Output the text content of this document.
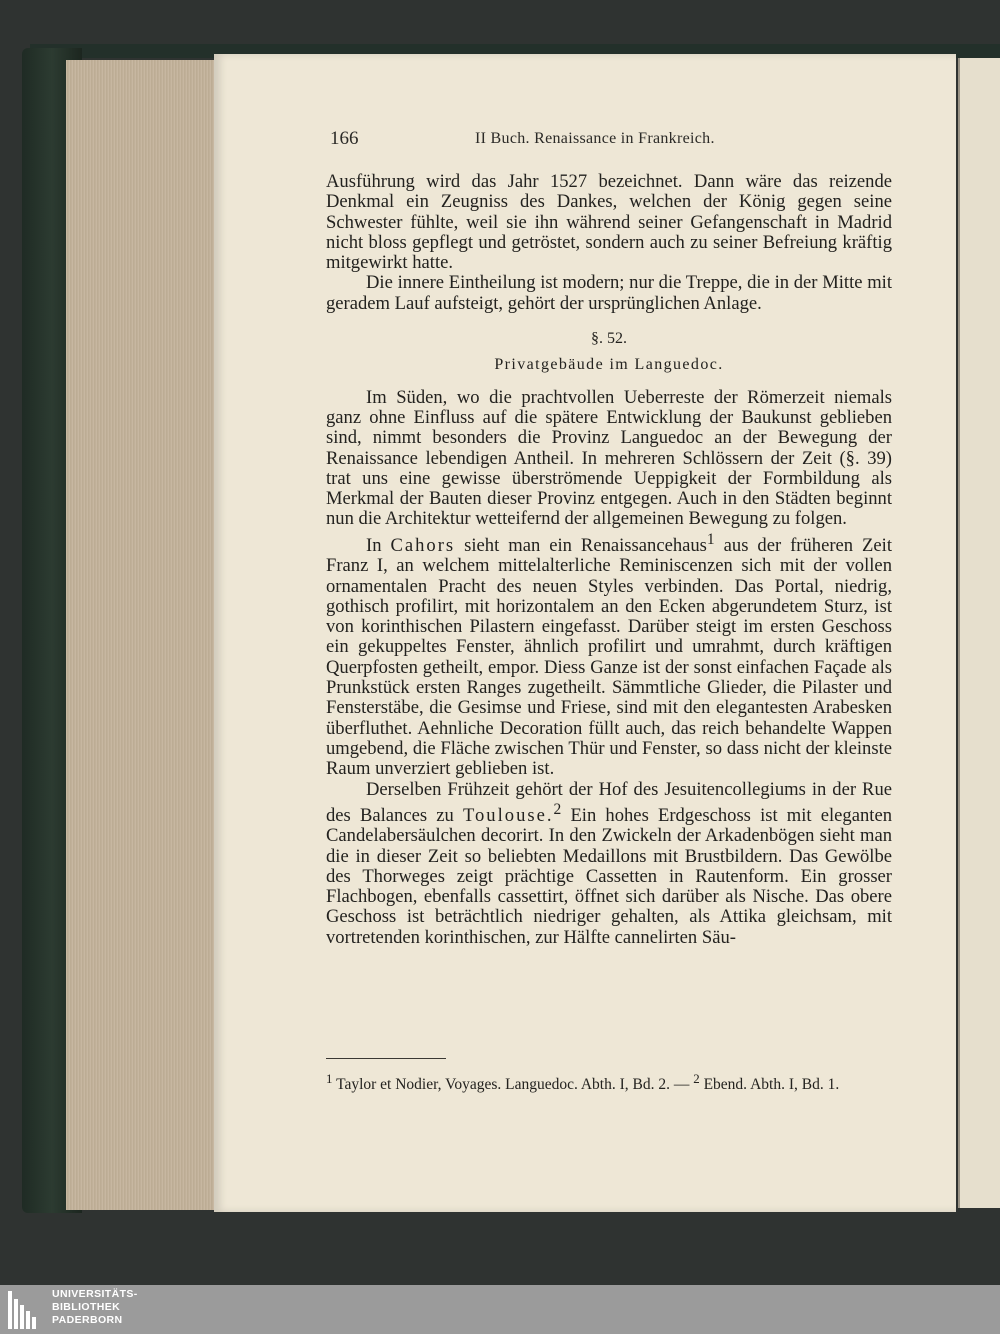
166	II Buch. Renaissance in Frankreich.

Ausführung wird das Jahr 1527 bezeichnet. Dann wäre das reizende Denkmal ein Zeugniss des Dankes, welchen der König gegen seine Schwester fühlte, weil sie ihn während seiner Gefangenschaft in Madrid nicht bloss gepflegt und getröstet, sondern auch zu seiner Befreiung kräftig mitgewirkt hatte.

Die innere Eintheilung ist modern; nur die Treppe, die in der Mitte mit geradem Lauf aufsteigt, gehört der ursprünglichen Anlage.

§. 52.
Privatgebäude im Languedoc.

Im Süden, wo die prachtvollen Ueberreste der Römerzeit niemals ganz ohne Einfluss auf die spätere Entwicklung der Baukunst geblieben sind, nimmt besonders die Provinz Languedoc an der Bewegung der Renaissance lebendigen Antheil. In mehreren Schlössern der Zeit (§. 39) trat uns eine gewisse überströmende Ueppigkeit der Formbildung als Merkmal der Bauten dieser Provinz entgegen. Auch in den Städten beginnt nun die Architektur wetteifernd der allgemeinen Bewegung zu folgen.

In Cahors sieht man ein Renaissancehaus$^1$ aus der früheren Zeit Franz I, an welchem mittelalterliche Reminiscenzen sich mit der vollen ornamentalen Pracht des neuen Styles verbinden. Das Portal, niedrig, gothisch profilirt, mit horizontalem an den Ecken abgerundetem Sturz, ist von korinthischen Pilastern eingefasst. Darüber steigt im ersten Geschoss ein gekuppeltes Fenster, ähnlich profilirt und umrahmt, durch kräftigen Querpfosten getheilt, empor. Diess Ganze ist der sonst einfachen Façade als Prunkstück ersten Ranges zugetheilt. Sämmtliche Glieder, die Pilaster und Fensterstäbe, die Gesimse und Friese, sind mit den elegantesten Arabesken überfluthet. Aehnliche Decoration füllt auch, das reich behandelte Wappen umgebend, die Fläche zwischen Thür und Fenster, so dass nicht der kleinste Raum unverziert geblieben ist.

Derselben Frühzeit gehört der Hof des Jesuitencollegiums in der Rue des Balances zu Toulouse.$^2$ Ein hohes Erdgeschoss ist mit eleganten Candelabersäulchen decorirt. In den Zwickeln der Arkadenbögen sieht man die in dieser Zeit so beliebten Medaillons mit Brustbildern. Das Gewölbe des Thorweges zeigt prächtige Cassetten in Rautenform. Ein grosser Flachbogen, ebenfalls cassettirt, öffnet sich darüber als Nische. Das obere Geschoss ist beträchtlich niedriger gehalten, als Attika gleichsam, mit vortretenden korinthischen, zur Hälfte cannelirten Säu-

$^1$ Taylor et Nodier, Voyages. Languedoc. Abth. I, Bd. 2. — $^2$ Ebend. Abth. I, Bd. 1.
UNIVERSITÄTS-
BIBLIOTHEK
PADERBORN
